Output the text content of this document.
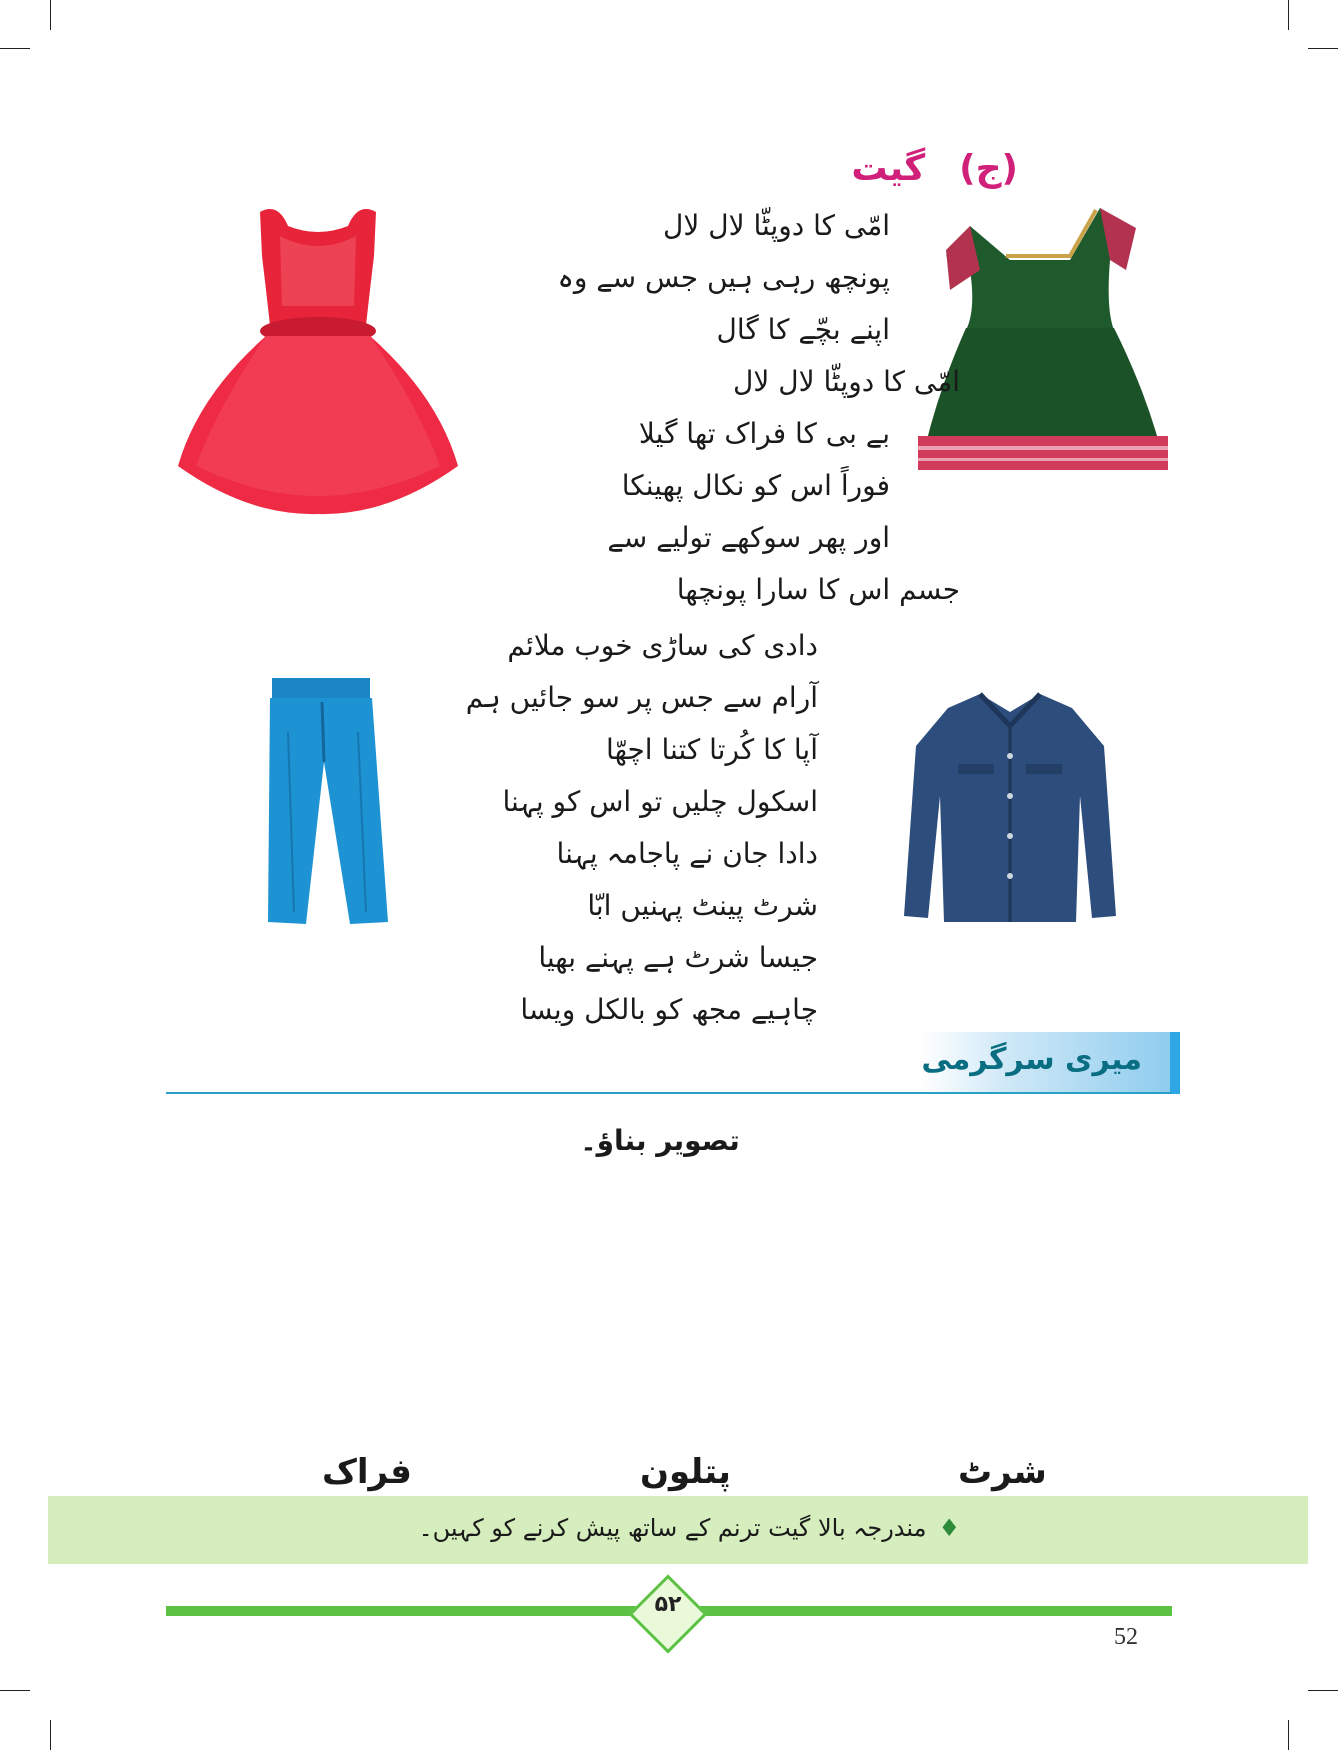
(ج)گیت
امّی کا دوپٹّا لال لال
پونچھ رہی ہیں جس سے وہ
اپنے بچّے کا گال
امّی کا دوپٹّا لال لال
بے بی کا فراک تھا گیلا
فوراً اس کو نکال پھینکا
اور پھر سوکھے تولیے سے
جسم اس کا سارا پونچھا
دادی کی ساڑی خوب ملائم
آرام سے جس پر سو جائیں ہم
آپا کا کُرتا کتنا اچھّا
اسکول چلیں تو اس کو پہنا
دادا جان نے پاجامہ پہنا
شرٹ پینٹ پہنیں ابّا
جیسا شرٹ ہے پہنے بھیا
چاہیے مجھ کو بالکل ویسا
میری سرگرمی
تصویر بناؤ۔
شرٹ
پتلون
فراک
♦مندرجہ بالا گیت ترنم کے ساتھ پیش کرنے کو کہیں۔
۵۲
52
